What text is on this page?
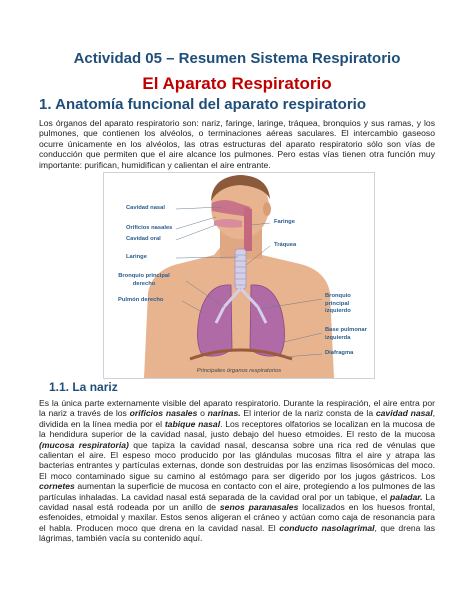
Actividad 05 – Resumen Sistema Respiratorio
El Aparato Respiratorio
1. Anatomía funcional del aparato respiratorio
Los órganos del aparato respiratorio son: nariz, faringe, laringe, tráquea, bronquios y sus ramas, y los pulmones, que contienen los alvéolos, o terminaciones aéreas saculares. El intercambio gaseoso ocurre únicamente en los alvéolos, las otras estructuras del aparato respiratorio sólo son vías de conducción que permiten que el aire alcance los pulmones. Pero estas vías tienen otra función muy importante: purifican, humidifican y calientan el aire entrante.
Cavidad nasal
Orificios nasales
Cavidad oral
Laringe
Bronquio principal derecho
Pulmón derecho
Faringe
Tráquea
Bronquio principal izquierdo
Base pulmonar izquierda
Diafragma
Principales órganos respiratorios
1.1. La nariz
Es la única parte externamente visible del aparato respiratorio. Durante la respiración, el aire entra por la nariz a través de los orificios nasales o narinas. El interior de la nariz consta de la cavidad nasal, dividida en la línea media por el tabique nasal. Los receptores olfatorios se localizan en la mucosa de la hendidura superior de la cavidad nasal, justo debajo del hueso etmoides. El resto de la mucosa (mucosa respiratoria) que tapiza la cavidad nasal, descansa sobre una rica red de vénulas que calientan el aire. El espeso moco producido por las glándulas mucosas filtra el aire y atrapa las bacterias entrantes y partículas externas, donde son destruidas por las enzimas lisosómicas del moco. El moco contaminado sigue su camino al estómago para ser digerido por los jugos gástricos. Los cornetes aumentan la superficie de mucosa en contacto con el aire, protegiendo a los pulmones de las partículas inhaladas. La cavidad nasal está separada de la cavidad oral por un tabique, el paladar. La cavidad nasal está rodeada por un anillo de senos paranasales localizados en los huesos frontal, esfenoides, etmoidal y maxilar. Estos senos aligeran el cráneo y actúan como caja de resonancia para el habla. Producen moco que drena en la cavidad nasal. El conducto nasolagrimal, que drena las lágrimas, también vacía su contenido aquí.
